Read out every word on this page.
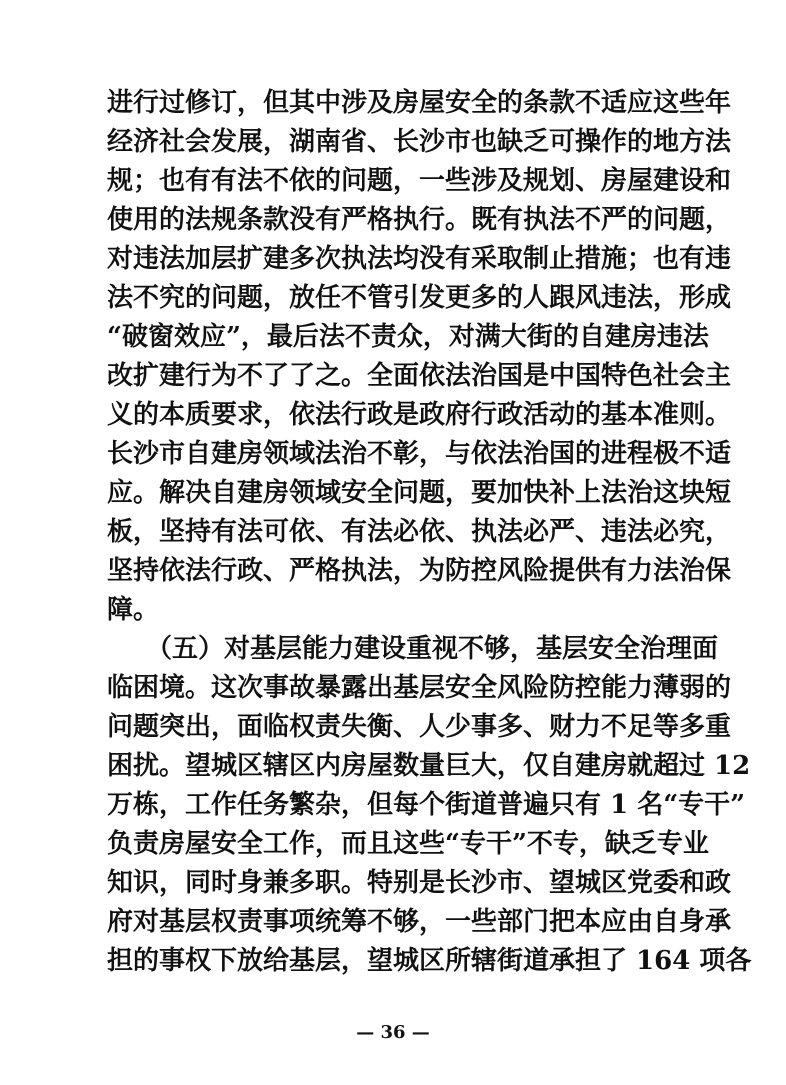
进行过修订，但其中涉及房屋安全的条款不适应这些年
经济社会发展，湖南省、长沙市也缺乏可操作的地方法
规；也有有法不依的问题，一些涉及规划、房屋建设和
使用的法规条款没有严格执行。既有执法不严的问题，
对违法加层扩建多次执法均没有采取制止措施；也有违
法不究的问题，放任不管引发更多的人跟风违法，形成
“破窗效应”，最后法不责众，对满大街的自建房违法
改扩建行为不了了之。全面依法治国是中国特色社会主
义的本质要求，依法行政是政府行政活动的基本准则。
长沙市自建房领域法治不彰，与依法治国的进程极不适
应。解决自建房领域安全问题，要加快补上法治这块短
板，坚持有法可依、有法必依、执法必严、违法必究，
坚持依法行政、严格执法，为防控风险提供有力法治保
障。
　　（五）对基层能力建设重视不够，基层安全治理面
临困境。这次事故暴露出基层安全风险防控能力薄弱的
问题突出，面临权责失衡、人少事多、财力不足等多重
困扰。望城区辖区内房屋数量巨大，仅自建房就超过 12
万栋，工作任务繁杂，但每个街道普遍只有 1 名“专干”
负责房屋安全工作，而且这些“专干”不专，缺乏专业
知识，同时身兼多职。特别是长沙市、望城区党委和政
府对基层权责事项统筹不够，一些部门把本应由自身承
担的事权下放给基层，望城区所辖街道承担了 164 项各
— 36 —
